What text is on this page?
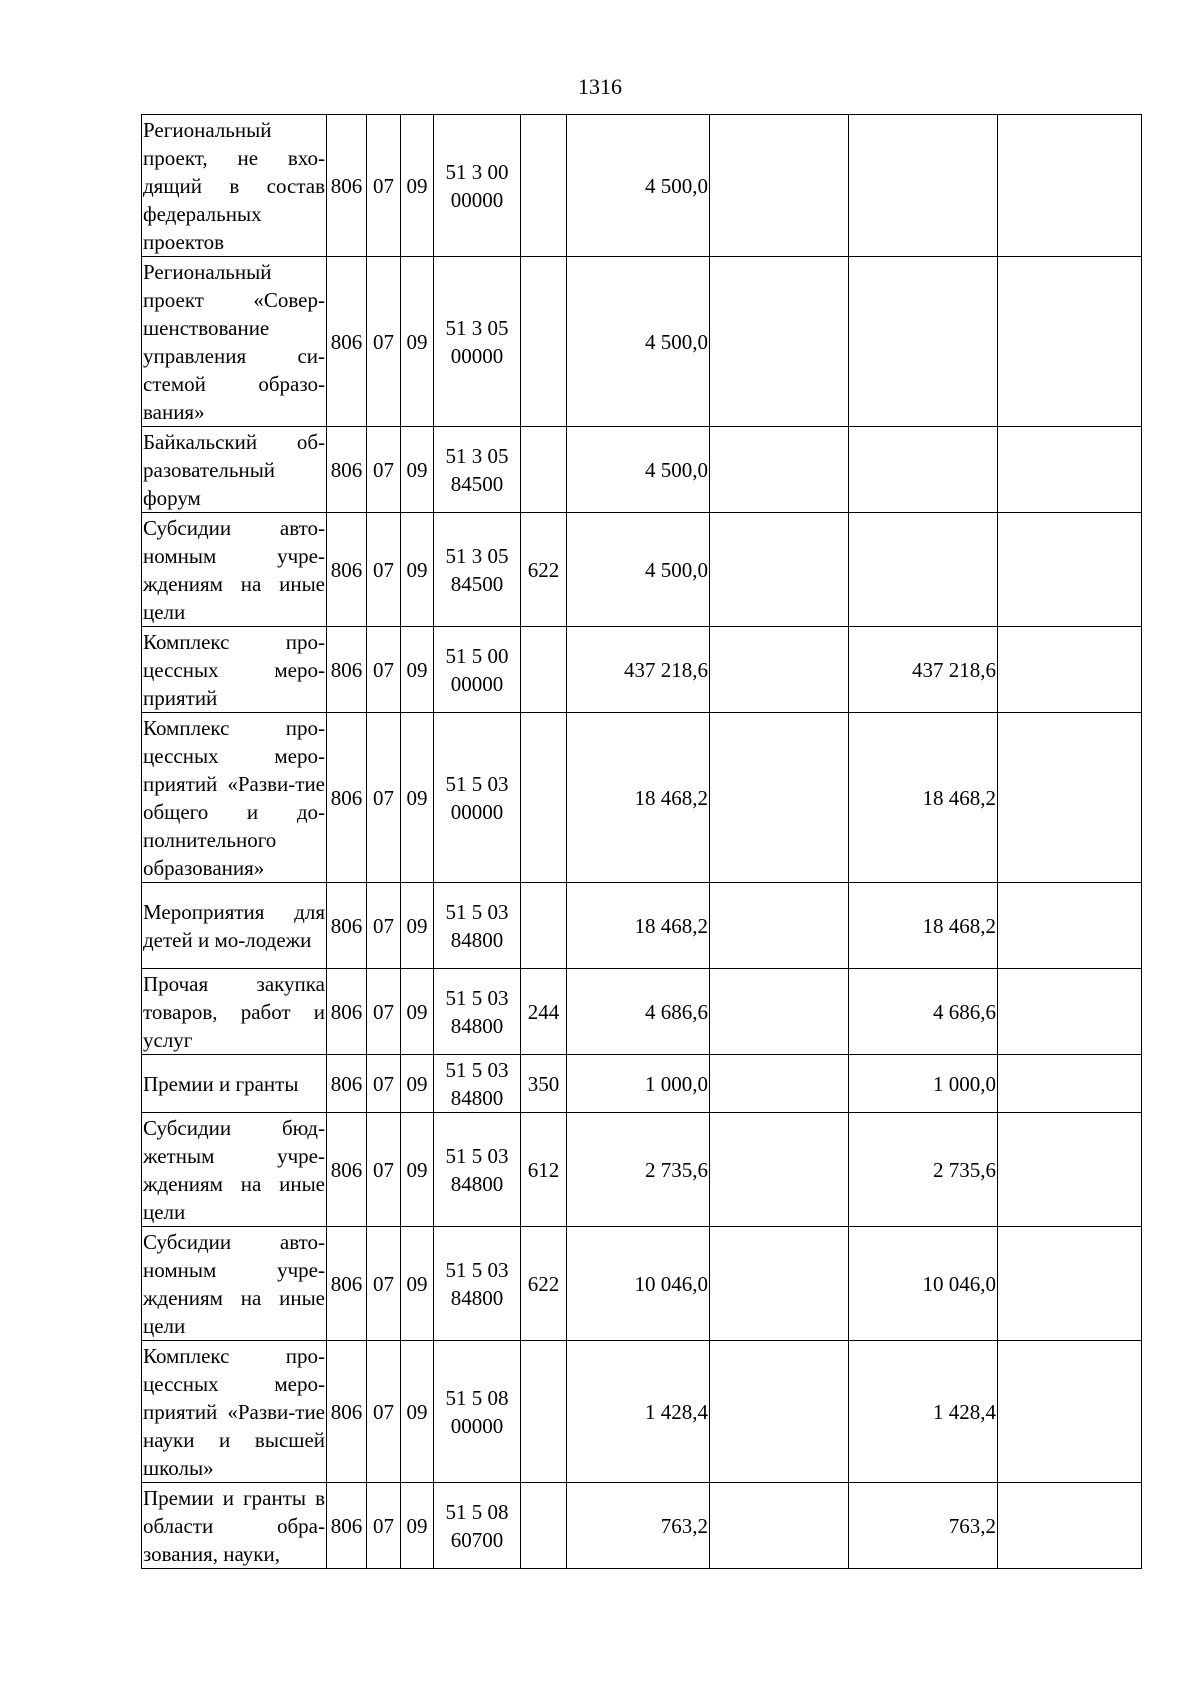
1316
Региональный проект, не вхо-дящий в состав федеральных проектов	806	07	09	51 3 00 00000		4 500,0			
Региональный проект «Совер-шенствование управления си-стемой образо-вания»	806	07	09	51 3 05 00000		4 500,0			
Байкальский об-разовательный форум	806	07	09	51 3 05 84500		4 500,0			
Субсидии авто-номным учре-ждениям на иные цели	806	07	09	51 3 05 84500	622	4 500,0			
Комплекс про-цессных меро-приятий	806	07	09	51 5 00 00000		437 218,6		437 218,6	
Комплекс про-цессных меро-приятий «Разви-тие общего и до-полнительного образования»	806	07	09	51 5 03 00000		18 468,2		18 468,2	
Мероприятия для детей и мо-лодежи	806	07	09	51 5 03 84800		18 468,2		18 468,2	
Прочая закупка товаров, работ и услуг	806	07	09	51 5 03 84800	244	4 686,6		4 686,6	
Премии и гранты	806	07	09	51 5 03 84800	350	1 000,0		1 000,0	
Субсидии бюд-жетным учре-ждениям на иные цели	806	07	09	51 5 03 84800	612	2 735,6		2 735,6	
Субсидии авто-номным учре-ждениям на иные цели	806	07	09	51 5 03 84800	622	10 046,0		10 046,0	
Комплекс про-цессных меро-приятий «Разви-тие науки и высшей школы»	806	07	09	51 5 08 00000		1 428,4		1 428,4	
Премии и гранты в области обра-зования, науки,	806	07	09	51 5 08 60700		763,2		763,2	
